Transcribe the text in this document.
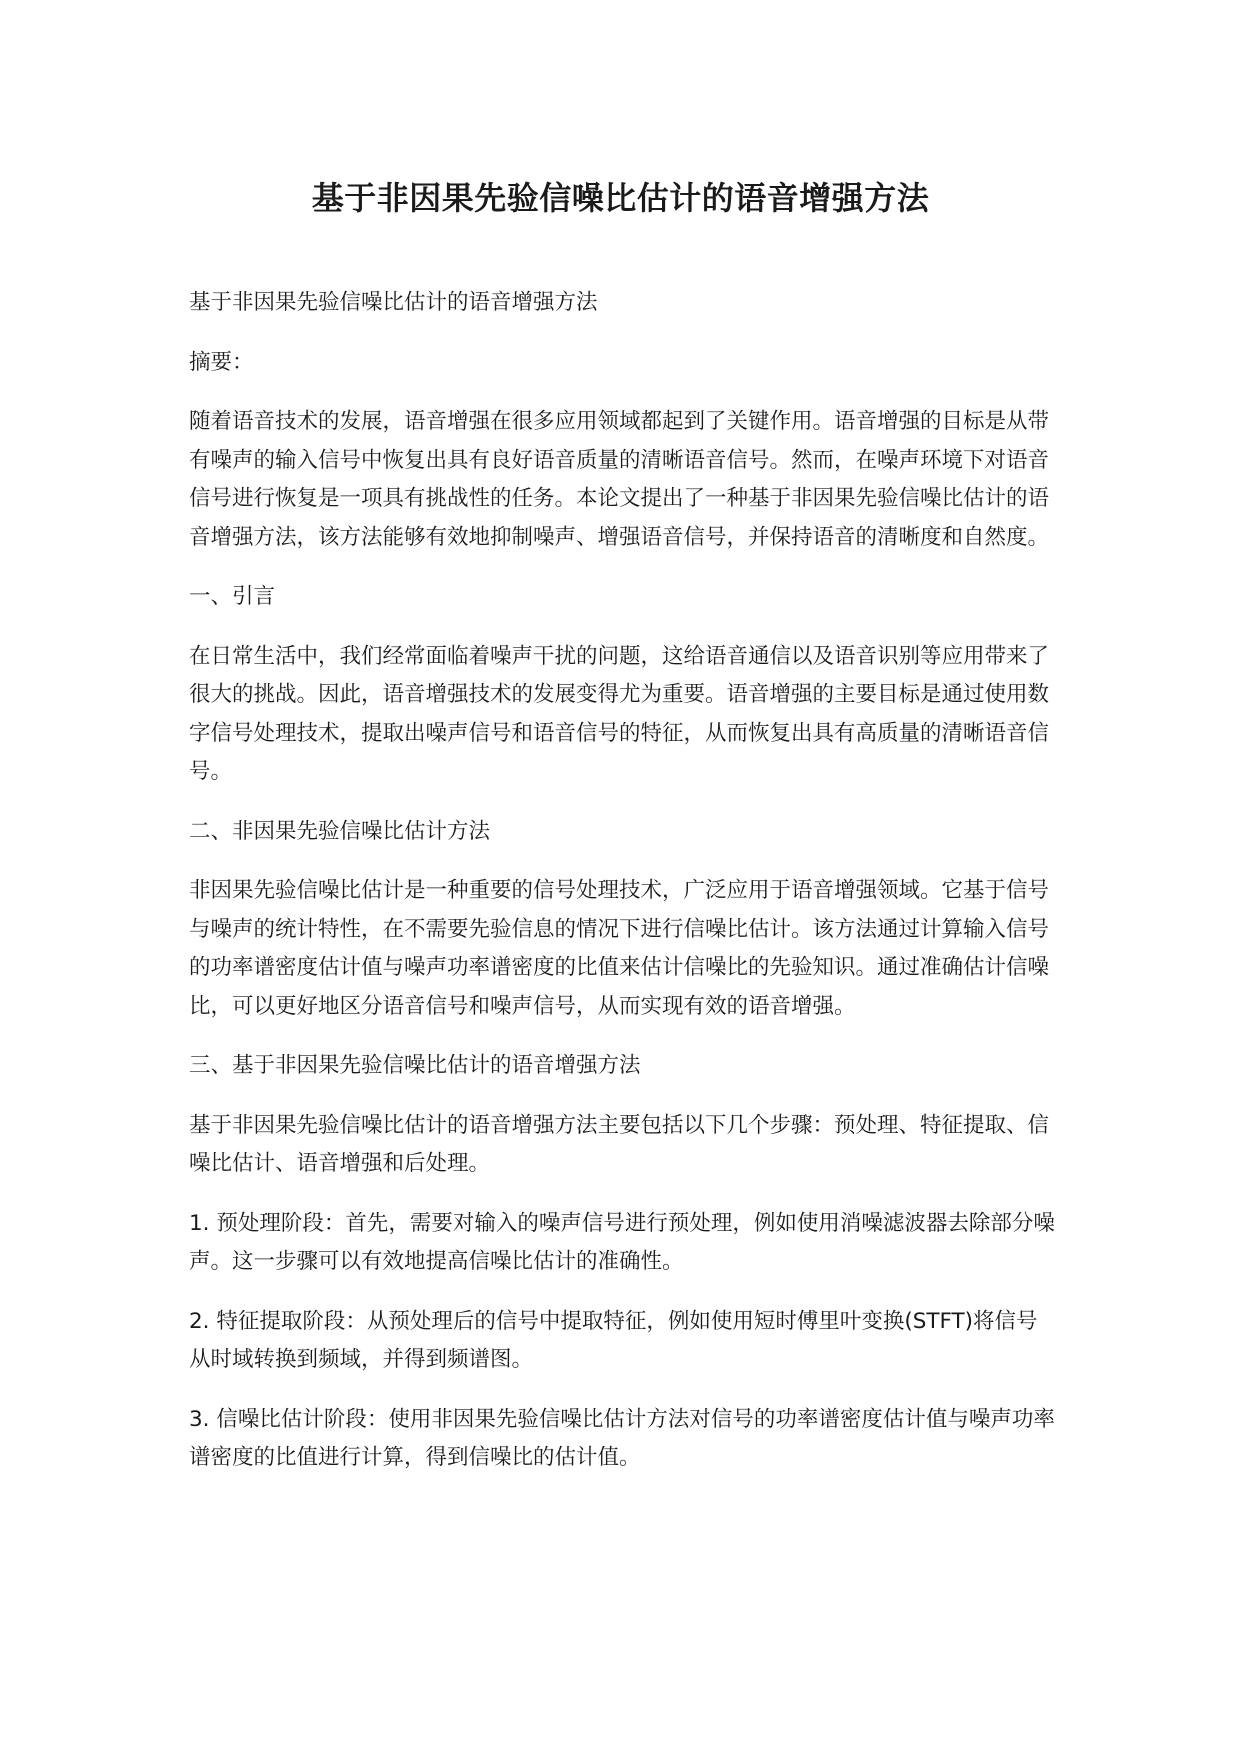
基于非因果先验信噪比估计的语音增强方法

基于非因果先验信噪比估计的语音增强方法

摘要：

随着语音技术的发展，语音增强在很多应用领域都起到了关键作用。语音增强的目标是从带有噪声的输入信号中恢复出具有良好语音质量的清晰语音信号。然而，在噪声环境下对语音信号进行恢复是一项具有挑战性的任务。本论文提出了一种基于非因果先验信噪比估计的语音增强方法，该方法能够有效地抑制噪声、增强语音信号，并保持语音的清晰度和自然度。

一、引言

在日常生活中，我们经常面临着噪声干扰的问题，这给语音通信以及语音识别等应用带来了很大的挑战。因此，语音增强技术的发展变得尤为重要。语音增强的主要目标是通过使用数字信号处理技术，提取出噪声信号和语音信号的特征，从而恢复出具有高质量的清晰语音信号。

二、非因果先验信噪比估计方法

非因果先验信噪比估计是一种重要的信号处理技术，广泛应用于语音增强领域。它基于信号与噪声的统计特性，在不需要先验信息的情况下进行信噪比估计。该方法通过计算输入信号的功率谱密度估计值与噪声功率谱密度的比值来估计信噪比的先验知识。通过准确估计信噪比，可以更好地区分语音信号和噪声信号，从而实现有效的语音增强。

三、基于非因果先验信噪比估计的语音增强方法

基于非因果先验信噪比估计的语音增强方法主要包括以下几个步骤：预处理、特征提取、信噪比估计、语音增强和后处理。

1. 预处理阶段：首先，需要对输入的噪声信号进行预处理，例如使用消噪滤波器去除部分噪声。这一步骤可以有效地提高信噪比估计的准确性。

2. 特征提取阶段：从预处理后的信号中提取特征，例如使用短时傅里叶变换(STFT)将信号从时域转换到频域，并得到频谱图。

3. 信噪比估计阶段：使用非因果先验信噪比估计方法对信号的功率谱密度估计值与噪声功率谱密度的比值进行计算，得到信噪比的估计值。
